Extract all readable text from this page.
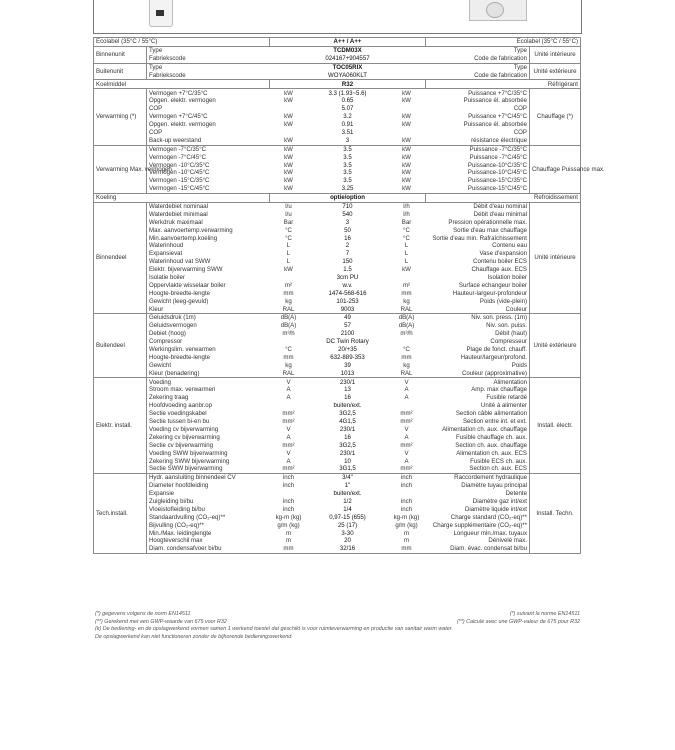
Ecolabel (35°C / 55°C)			A++ / A++		Ecolabel (35°C / 55°C)	
Binnenunit	Type		TCDM03X		Type	Unité intérieure
	Fabriekscode		024167+904557		Code de fabrication	
Buitenunit	Type		TOC05RIX		Type	Unité extérieure
	Fabriekscode		WOYA060KLT		Code de fabrication	
Koelmiddel			R32		Réfrigérant	
Verwarming (*)	Vermogen +7°C/35°C	kW	3.3 (1.93~5.6)	kW	Puissance +7°C/35°C	Chauffage (*)
	Opgen. elektr. vermogen	kW	0.65	kW	Puissance él. absorbée	
	COP		5.07		COP	
	Vermogen +7°C/45°C	kW	3.2	kW	Puissance +7°C/45°C	
	Opgen. elektr. vermogen	kW	0.91	kW	Puissance él. absorbée	
	COP		3.51		COP	
	Back-up weerstand	kW	3	kW	résistance électrique	
Verwarming Max. vermogen	Vermogen -7°C/35°C	kW	3.5	kW	Puissance -7°C/35°C	Chauffage Puissance max.
	Vermogen -7°C/45°C	kW	3.5	kW	Puissance -7°C/45°C	
	Vermogen -10°C/35°C	kW	3.5	kW	Puissance-10°C/35°C	
	Vermogen -10°C/45°C	kW	3.5	kW	Puissance-10°C/45°C	
	Vermogen -15°C/35°C	kW	3.5	kW	Puissance-15°C/35°C	
	Vermogen -15°C/45°C	kW	3.25	kW	Puissance-15°C/45°C	
Koeling			optie/option		Refroidissement	
Binnendeel	Waterdebiet nominaal	l/u	710	l/h	Débit d'eau nominal	Unité intérieure
	Waterdebiet minimaal	l/u	540	l/h	Débit d'eau minimal	
	Werkdruk maximaal	Bar	3	Bar	Pression opérationnelle max.	
	Max. aanvoertemp.verwarming	°C	50	°C	Sortie d'eau max chauffage	
	Min.aanvoertemp.koeling	°C	16	°C	Sortie d'eau min. Rafraîchissement	
	Waterinhoud	L	2	L	Contenu eau	
	Expansievat	L	7	L	Vase d'expansion	
	Waterinhoud vat SWW	L	150	L	Contenu boiler ECS	
	Elektr. bijverwarming SWW	kW	1.5	kW	Chauffage aux. ECS	
	Isolatie boiler		3cm PU		Isolation boiler	
	Oppervlakte wisselaar boiler	m²	w.v.	m²	Surface echangeur boiler	
	Hoogte-breedte-lengte	mm	1474-568-616	mm	Hauteur-largeur-profondeur	
	Gewicht (leeg-gevuld)	kg	101-253	kg	Poids (vide-plein)	
	Kleur	RAL	9003	RAL	Couleur	
Buitendeel	Geluidsdruk (1m)	dB(A)	49	dB(A)	Niv. son. press. (1m)	Unité extérieure
	Geluidsvermogen	dB(A)	57	dB(A)	Niv. son. puiss.	
	Debiet (hoog)	m³/h	2100	m³/h	Débit (haut)	
	Compressor		DC Twin Rotary		Compresseur	
	Werkingslim. verwarmen	°C	20/+35	°C	Plage de fonct. chauff.	
	Hoogte-breedte-lengte	mm	632-889-353	mm	Hauteur/largeur/profond.	
	Gewicht	kg	39	kg	Poids	
	Kleur (benadering)	RAL	1013	RAL	Couleur (approximative)	
Elektr. install.	Voeding	V	230/1	V	Alimentation	Install. électr.
	Stroom max. verwarmen	A	13	A	Amp. max chauffage	
	Zekering traag	A	16	A	Fusible retardé	
	Hoofdvoeding aanbr.op		buiten/ext.		Unité à alimenter	
	Sectie voedingskabel	mm²	3G2,5	mm²	Section câble alimentation	
	Sectie tussen bi-en bu	mm²	4G1,5	mm²	Section entre int. et ext.	
	Voeding cv bijverwarming	V	230/1	V	Alimentation ch. aux. chauffage	
	Zekering cv bijverwarming	A	16	A	Fusible chauffage ch. aux.	
	Sectie cv bijverwarming	mm²	3G2,5	mm²	Section ch. aux. chauffage	
	Voeding SWW bijverwarming	V	230/1	V	Alimentation ch. aux. ECS	
	Zekering SWW bijverwarming	A	10	A	Fusible ECS ch. aux.	
	Sectie SWW bijverwarming	mm²	3G1,5	mm²	Section ch. aux. ECS	
Tech.install.	Hydr. aansluiting binnendeel CV	inch	3/4"	inch	Raccordement hydraulique	Install. Techn.
	Diameter hoofdleiding	inch	1"	inch	Diamètre tuyau principal	
	Expansie		buiten/ext.		Detente	
	Zuigleiding bi/bu	inch	1/2	inch	Diamètre gaz int/ext	
	Vloeistofleiding bi/bu	inch	1/4	inch	Diamètre liquide int/ext	
	Standaardvulling (CO₂-eq)**	kg-m (kg)	0,97-15 (655)	kg-m (kg)	Charge standard (CO₂-eq)**	
	Bijvulling (CO₂-eq)**	g/m (kg)	25 (17)	g/m (kg)	Charge supplémentaire (CO₂-eq)**	
	Min./Max. leidinglengte	m	3-30	m	Longueur min./max. tuyaux	
	Hoogteverschil max	m	20	m	Dénivelé max.	
	Diam. condensafvoer bi/bu	mm	32/16	mm	Diam. évac. condensat bi/bu	
(*) gegevens volgens de norm EN14511	(*) suivant la norme EN14511
(**) Gerekend met een GWP-waarde van 675 voor R32	(**) Calculé avec une GWP-valeur de 675 pour R32
(k) De bediening- en de opslagwerkend vormen samen 1 werkend toestel dat geschikt is voor ruimteverwarming en productie van sanitair warm water.
De opslagwerkend kan niet functioneren zonder de bijhorende bedieningswerkend.
